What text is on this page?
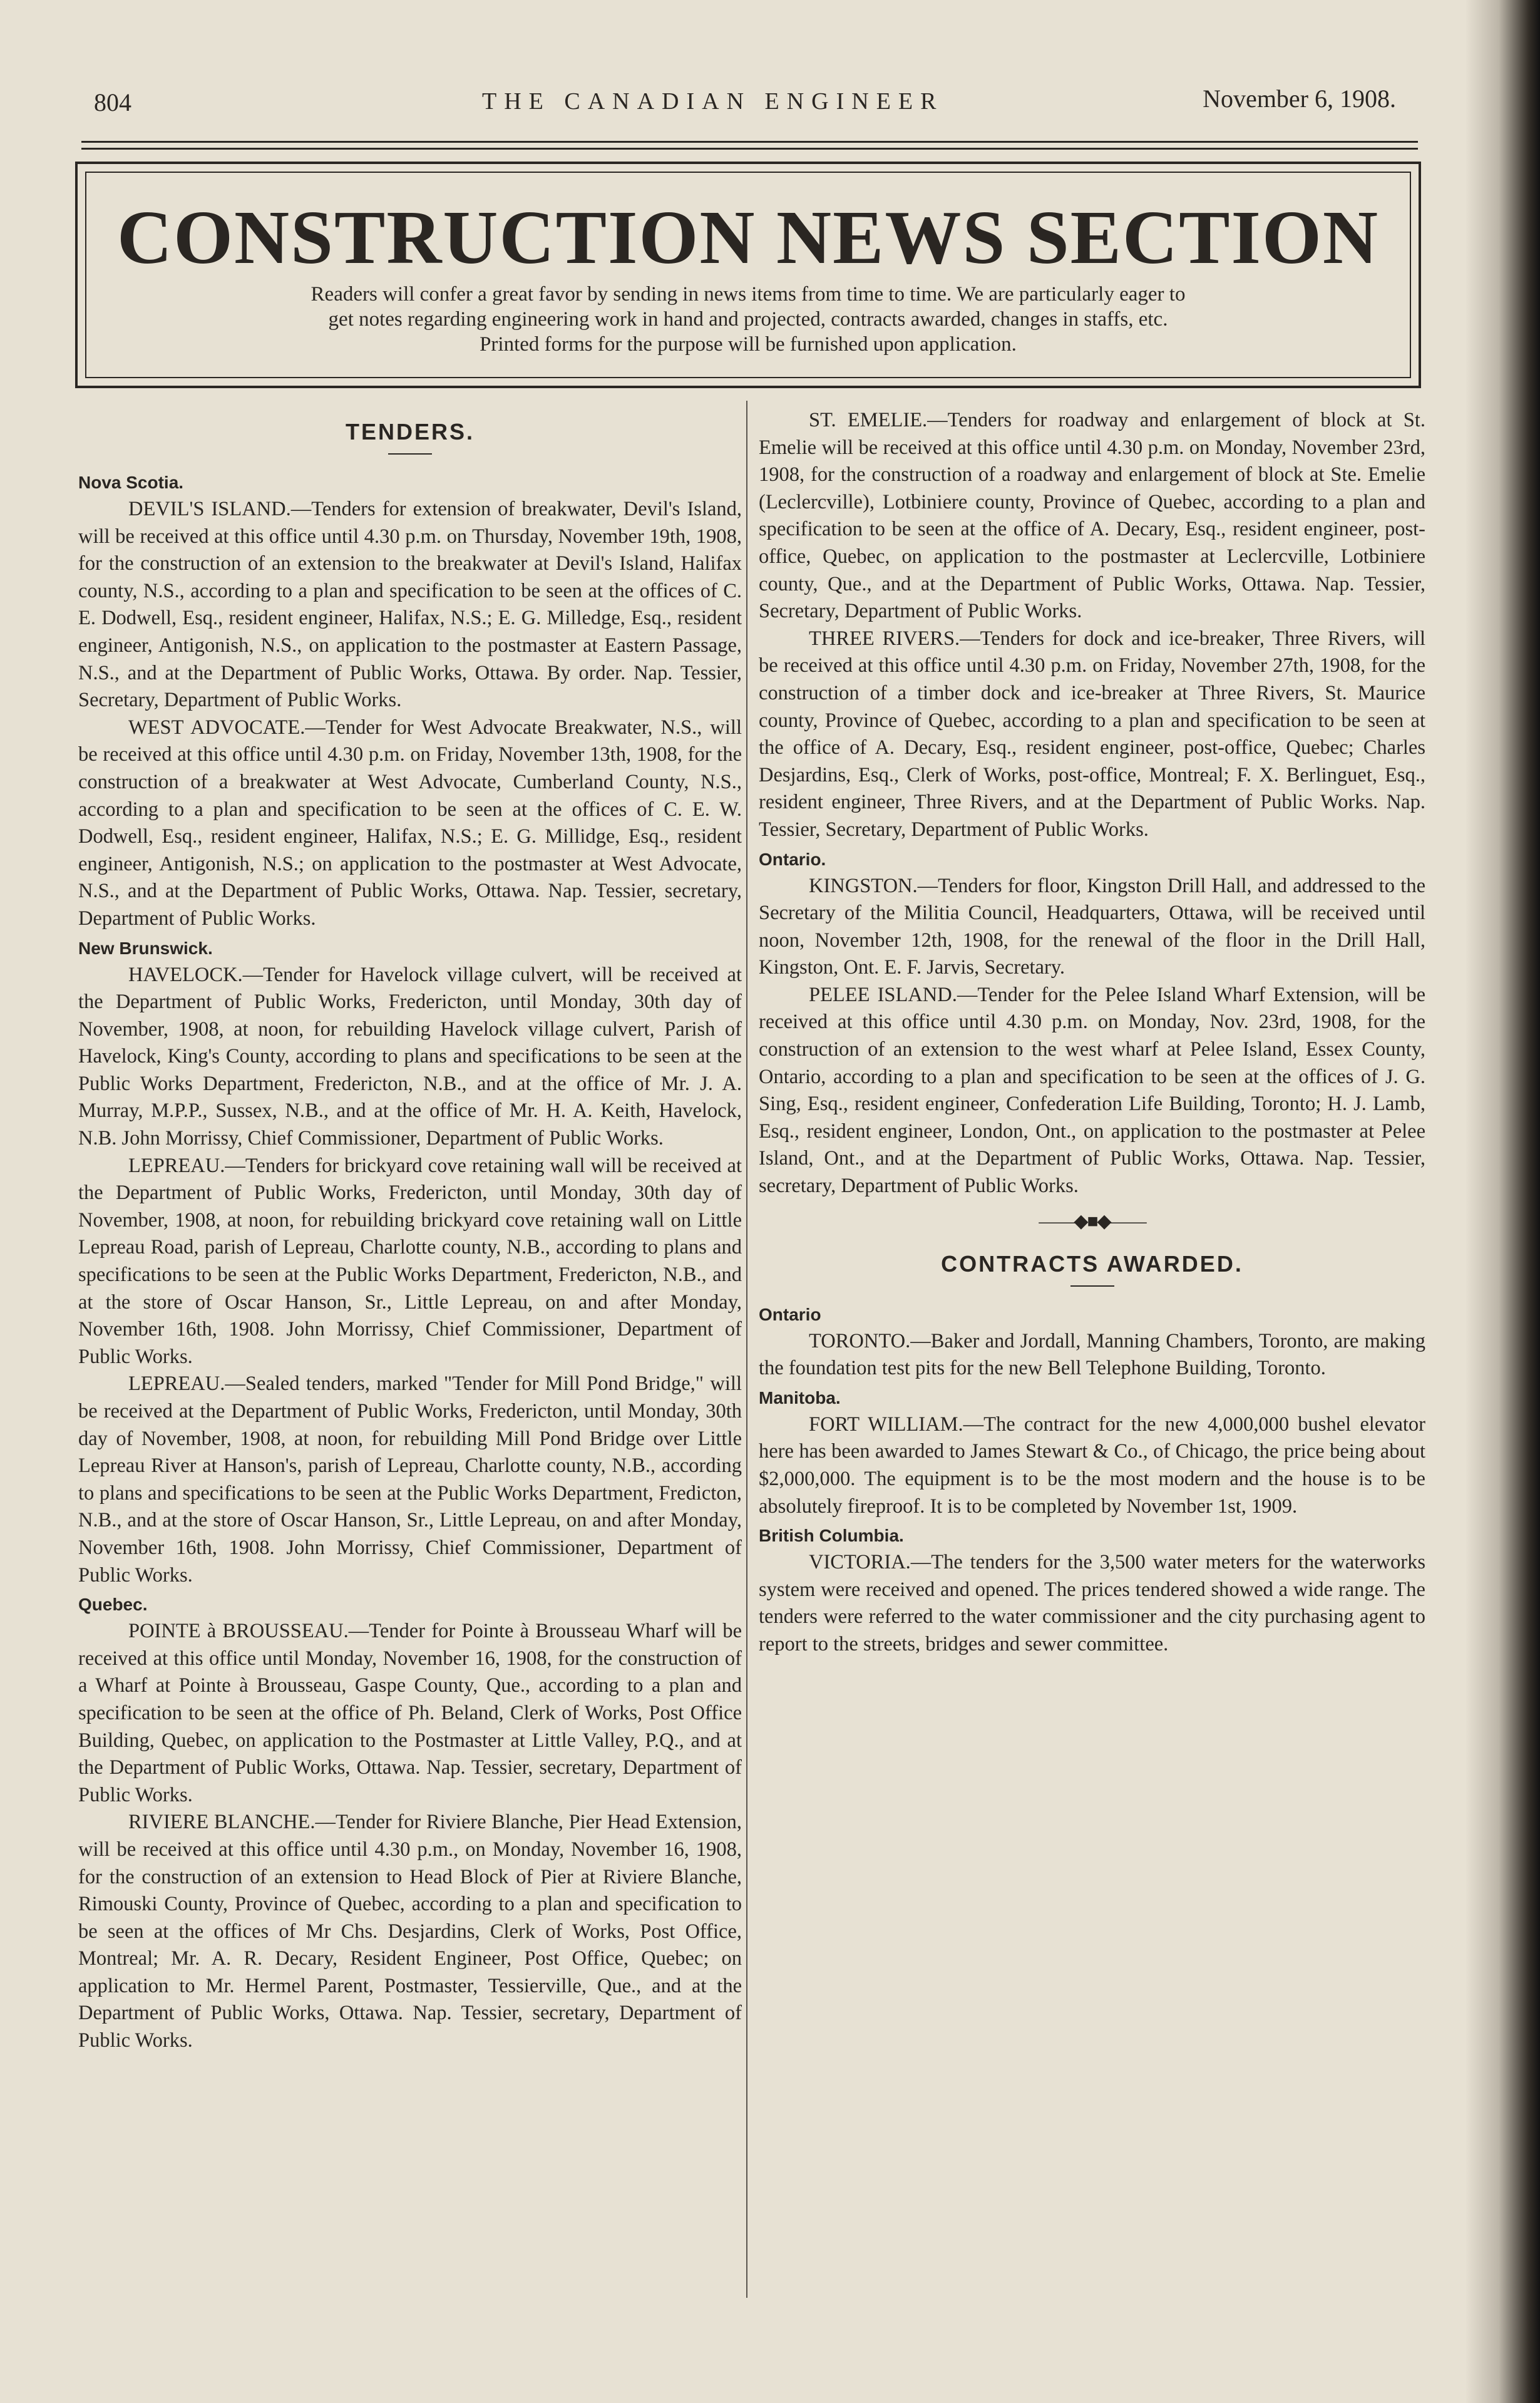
804	THE CANADIAN ENGINEER	November 6, 1908.
CONSTRUCTION NEWS SECTION
Readers will confer a great favor by sending in news items from time to time. We are particularly eager to
get notes regarding engineering work in hand and projected, contracts awarded, changes in staffs, etc.
Printed forms for the purpose will be furnished upon application.
TENDERS.
Nova Scotia.

DEVIL'S ISLAND.—Tenders for extension of breakwater, Devil's Island, will be received at this office until 4.30 p.m. on Thursday, November 19th, 1908, for the construction of an extension to the breakwater at Devil's Island, Halifax county, N.S., according to a plan and specification to be seen at the offices of C. E. Dodwell, Esq., resident engineer, Halifax, N.S.; E. G. Milledge, Esq., resident engineer, Antigonish, N.S., on application to the postmaster at Eastern Passage, N.S., and at the Department of Public Works, Ottawa. By order. Nap. Tessier, Secretary, Department of Public Works.

WEST ADVOCATE.—Tender for West Advocate Breakwater, N.S., will be received at this office until 4.30 p.m. on Friday, November 13th, 1908, for the construction of a breakwater at West Advocate, Cumberland County, N.S., according to a plan and specification to be seen at the offices of C. E. W. Dodwell, Esq., resident engineer, Halifax, N.S.; E. G. Millidge, Esq., resident engineer, Antigonish, N.S.; on application to the postmaster at West Advocate, N.S., and at the Department of Public Works, Ottawa. Nap. Tessier, secretary, Department of Public Works.

New Brunswick.

HAVELOCK.—Tender for Havelock village culvert, will be received at the Department of Public Works, Fredericton, until Monday, 30th day of November, 1908, at noon, for rebuilding Havelock village culvert, Parish of Havelock, King's County, according to plans and specifications to be seen at the Public Works Department, Fredericton, N.B., and at the office of Mr. J. A. Murray, M.P.P., Sussex, N.B., and at the office of Mr. H. A. Keith, Havelock, N.B. John Morrissy, Chief Commissioner, Department of Public Works.

LEPREAU.—Tenders for brickyard cove retaining wall will be received at the Department of Public Works, Fredericton, until Monday, 30th day of November, 1908, at noon, for rebuilding brickyard cove retaining wall on Little Lepreau Road, parish of Lepreau, Charlotte county, N.B., according to plans and specifications to be seen at the Public Works Department, Fredericton, N.B., and at the store of Oscar Hanson, Sr., Little Lepreau, on and after Monday, November 16th, 1908. John Morrissy, Chief Commissioner, Department of Public Works.

LEPREAU.—Sealed tenders, marked "Tender for Mill Pond Bridge," will be received at the Department of Public Works, Fredericton, until Monday, 30th day of November, 1908, at noon, for rebuilding Mill Pond Bridge over Little Lepreau River at Hanson's, parish of Lepreau, Charlotte county, N.B., according to plans and specifications to be seen at the Public Works Department, Fredicton, N.B., and at the store of Oscar Hanson, Sr., Little Lepreau, on and after Monday, November 16th, 1908. John Morrissy, Chief Commissioner, Department of Public Works.

Quebec.

POINTE à BROUSSEAU.—Tender for Pointe à Brousseau Wharf will be received at this office until Monday, November 16, 1908, for the construction of a Wharf at Pointe à Brousseau, Gaspe County, Que., according to a plan and specification to be seen at the office of Ph. Beland, Clerk of Works, Post Office Building, Quebec, on application to the Postmaster at Little Valley, P.Q., and at the Department of Public Works, Ottawa. Nap. Tessier, secretary, Department of Public Works.

RIVIERE BLANCHE.—Tender for Riviere Blanche, Pier Head Extension, will be received at this office until 4.30 p.m., on Monday, November 16, 1908, for the construction of an extension to Head Block of Pier at Riviere Blanche, Rimouski County, Province of Quebec, according to a plan and specification to be seen at the offices of Mr Chs. Desjardins, Clerk of Works, Post Office, Montreal; Mr. A. R. Decary, Resident Engineer, Post Office, Quebec; on application to Mr. Hermel Parent, Postmaster, Tessierville, Que., and at the Department of Public Works, Ottawa. Nap. Tessier, secretary, Department of Public Works.

ST. EMELIE.—Tenders for roadway and enlargement of block at St. Emelie will be received at this office until 4.30 p.m. on Monday, November 23rd, 1908, for the construction of a roadway and enlargement of block at Ste. Emelie (Leclercville), Lotbiniere county, Province of Quebec, according to a plan and specification to be seen at the office of A. Decary, Esq., resident engineer, post-office, Quebec, on application to the postmaster at Leclercville, Lotbiniere county, Que., and at the Department of Public Works, Ottawa. Nap. Tessier, Secretary, Department of Public Works.

THREE RIVERS.—Tenders for dock and ice-breaker, Three Rivers, will be received at this office until 4.30 p.m. on Friday, November 27th, 1908, for the construction of a timber dock and ice-breaker at Three Rivers, St. Maurice county, Province of Quebec, according to a plan and specification to be seen at the office of A. Decary, Esq., resident engineer, post-office, Quebec; Charles Desjardins, Esq., Clerk of Works, post-office, Montreal; F. X. Berlinguet, Esq., resident engineer, Three Rivers, and at the Department of Public Works. Nap. Tessier, Secretary, Department of Public Works.

Ontario.

KINGSTON.—Tenders for floor, Kingston Drill Hall, and addressed to the Secretary of the Militia Council, Headquarters, Ottawa, will be received until noon, November 12th, 1908, for the renewal of the floor in the Drill Hall, Kingston, Ont. E. F. Jarvis, Secretary.

PELEE ISLAND.—Tender for the Pelee Island Wharf Extension, will be received at this office until 4.30 p.m. on Monday, Nov. 23rd, 1908, for the construction of an extension to the west wharf at Pelee Island, Essex County, Ontario, according to a plan and specification to be seen at the offices of J. G. Sing, Esq., resident engineer, Confederation Life Building, Toronto; H. J. Lamb, Esq., resident engineer, London, Ont., on application to the postmaster at Pelee Island, Ont., and at the Department of Public Works, Ottawa. Nap. Tessier, secretary, Department of Public Works.

——◆■◆——
CONTRACTS AWARDED.
Ontario

TORONTO.—Baker and Jordall, Manning Chambers, Toronto, are making the foundation test pits for the new Bell Telephone Building, Toronto.

Manitoba.

FORT WILLIAM.—The contract for the new 4,000,000 bushel elevator here has been awarded to James Stewart & Co., of Chicago, the price being about $2,000,000. The equipment is to be the most modern and the house is to be absolutely fireproof. It is to be completed by November 1st, 1909.

British Columbia.

VICTORIA.—The tenders for the 3,500 water meters for the waterworks system were received and opened. The prices tendered showed a wide range. The tenders were referred to the water commissioner and the city purchasing agent to report to the streets, bridges and sewer committee.
